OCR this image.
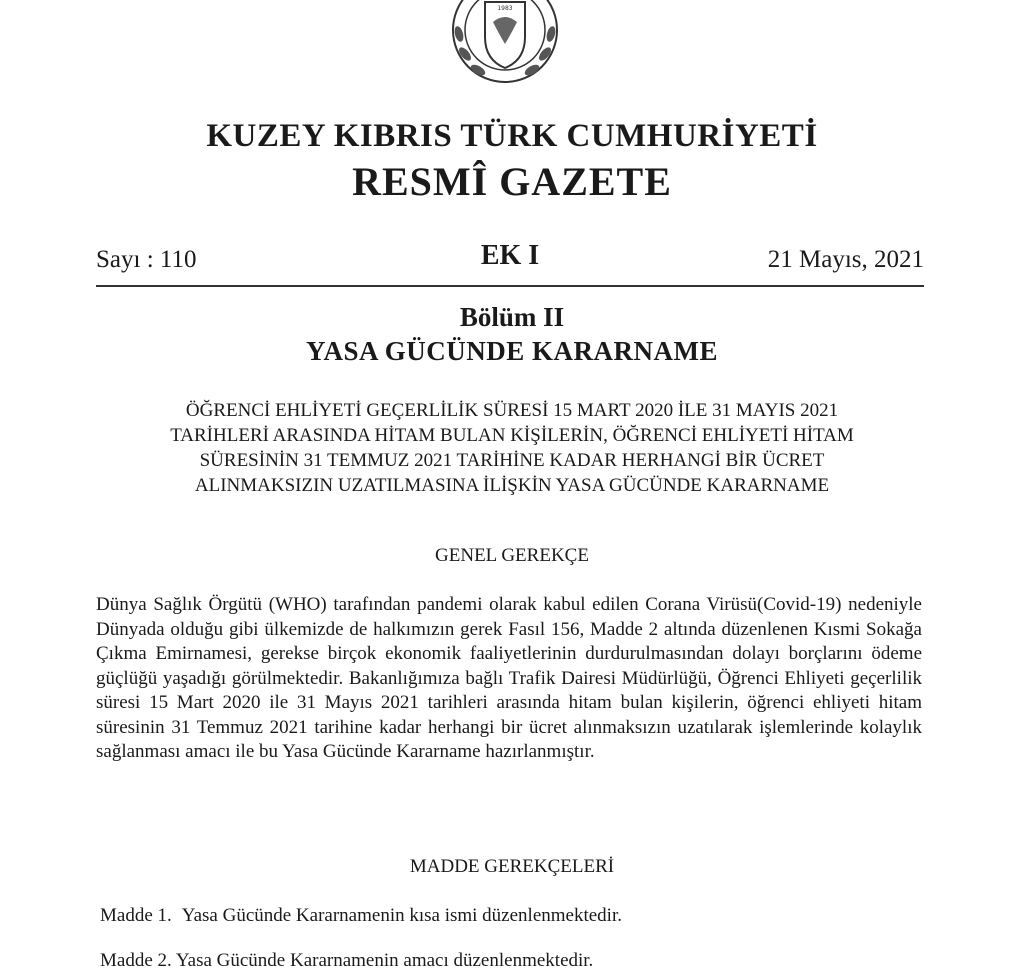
1983
KUZEY KIBRIS TÜRK CUMHURİYETİ
RESMÎ GAZETE
Sayı : 110	EK I	21 Mayıs, 2021
Bölüm II
YASA GÜCÜNDE KARARNAME
ÖĞRENCİ EHLİYETİ GEÇERLİLİK SÜRESİ 15 MART 2020 İLE 31 MAYIS 2021 TARİHLERİ ARASINDA HİTAM BULAN KİŞİLERİN, ÖĞRENCİ EHLİYETİ HİTAM SÜRESİNİN 31 TEMMUZ 2021 TARİHİNE KADAR HERHANGİ BİR ÜCRET ALINMAKSIZIN UZATILMASINA İLİŞKİN YASA GÜCÜNDE KARARNAME
GENEL GEREKÇE
Dünya Sağlık Örgütü (WHO) tarafından pandemi olarak kabul edilen Corana Virüsü(Covid-19) nedeniyle Dünyada olduğu gibi ülkemizde de halkımızın gerek Fasıl 156, Madde 2 altında düzenlenen Kısmi Sokağa Çıkma Emirnamesi, gerekse birçok ekonomik faaliyetlerinin durdurulmasından dolayı borçlarını ödeme güçlüğü yaşadığı görülmektedir. Bakanlığımıza bağlı Trafik Dairesi Müdürlüğü, Öğrenci Ehliyeti geçerlilik süresi 15 Mart 2020 ile 31 Mayıs 2021 tarihleri arasında hitam bulan kişilerin, öğrenci ehliyeti hitam süresinin 31 Temmuz 2021 tarihine kadar herhangi bir ücret alınmaksızın uzatılarak işlemlerinde kolaylık sağlanması amacı ile bu Yasa Gücünde Kararname hazırlanmıştır.
MADDE GEREKÇELERİ
Madde 1. Yasa Gücünde Kararnamenin kısa ismi düzenlenmektedir.
Madde 2. Yasa Gücünde Kararnamenin amacı düzenlenmektedir.
